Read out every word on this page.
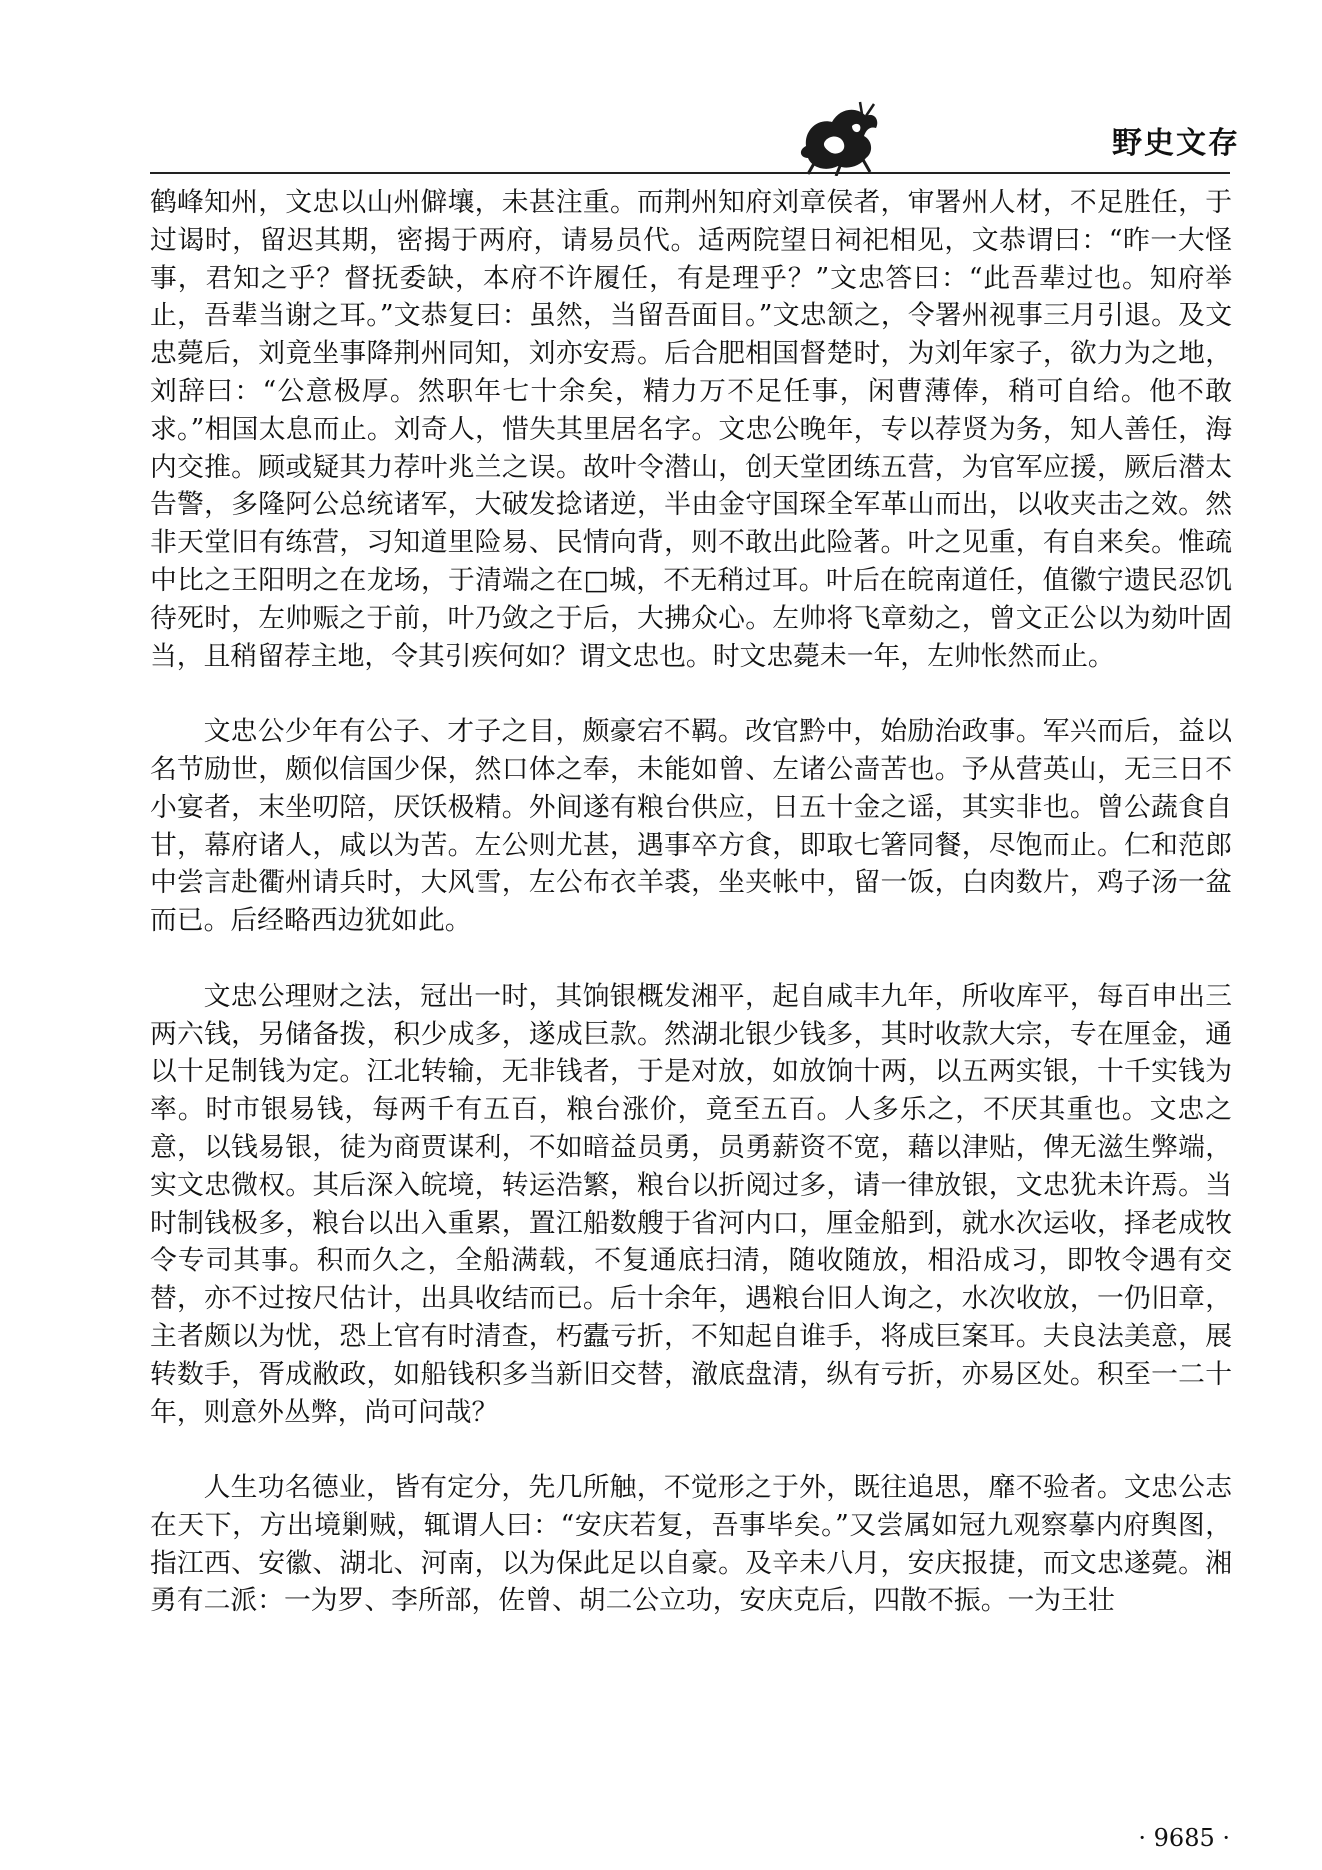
野史文存

鹤峰知州，文忠以山州僻壤，未甚注重。而荆州知府刘章侯者，审署州人材，不足胜任，于过谒时，留迟其期，密揭于两府，请易员代。适两院望日祠祀相见，文恭谓曰：“昨一大怪事，君知之乎？督抚委缺，本府不许履任，有是理乎？”文忠答曰：“此吾辈过也。知府举止，吾辈当谢之耳。”文恭复曰：虽然，当留吾面目。”文忠颔之，令署州视事三月引退。及文忠薨后，刘竟坐事降荆州同知，刘亦安焉。后合肥相国督楚时，为刘年家子，欲力为之地，刘辞曰：“公意极厚。然职年七十余矣，精力万不足任事，闲曹薄俸，稍可自给。他不敢求。”相国太息而止。刘奇人，惜失其里居名字。文忠公晚年，专以荐贤为务，知人善任，海内交推。顾或疑其力荐叶兆兰之误。故叶令潜山，创天堂团练五营，为官军应援，厥后潜太告警，多隆阿公总统诸军，大破发捻诸逆，半由金守国琛全军革山而出，以收夹击之效。然非天堂旧有练营，习知道里险易、民情向背，则不敢出此险著。叶之见重，有自来矣。惟疏中比之王阳明之在龙场，于清端之在□城，不无稍过耳。叶后在皖南道任，值徽宁遗民忍饥待死时，左帅赈之于前，叶乃敛之于后，大拂众心。左帅将飞章劾之，曾文正公以为劾叶固当，且稍留荐主地，令其引疾何如？谓文忠也。时文忠薨未一年，左帅怅然而止。

文忠公少年有公子、才子之目，颇豪宕不羁。改官黔中，始励治政事。军兴而后，益以名节励世，颇似信国少保，然口体之奉，未能如曾、左诸公啬苦也。予从营英山，无三日不小宴者，末坐叨陪，厌饫极精。外间遂有粮台供应，日五十金之谣，其实非也。曾公蔬食自甘，幕府诸人，咸以为苦。左公则尤甚，遇事卒方食，即取七箸同餐，尽饱而止。仁和范郎中尝言赴衢州请兵时，大风雪，左公布衣羊裘，坐夹帐中，留一饭，白肉数片，鸡子汤一盆而已。后经略西边犹如此。

文忠公理财之法，冠出一时，其饷银概发湘平，起自咸丰九年，所收库平，每百申出三两六钱，另储备拨，积少成多，遂成巨款。然湖北银少钱多，其时收款大宗，专在厘金，通以十足制钱为定。江北转输，无非钱者，于是对放，如放饷十两，以五两实银，十千实钱为率。时市银易钱，每两千有五百，粮台涨价，竟至五百。人多乐之，不厌其重也。文忠之意，以钱易银，徒为商贾谋利，不如暗益员勇，员勇薪资不宽，藉以津贴，俾无滋生弊端，实文忠微权。其后深入皖境，转运浩繁，粮台以折阅过多，请一律放银，文忠犹未许焉。当时制钱极多，粮台以出入重累，置江船数艘于省河内口，厘金船到，就水次运收，择老成牧令专司其事。积而久之，全船满载，不复通底扫清，随收随放，相沿成习，即牧令遇有交替，亦不过按尺估计，出具收结而已。后十余年，遇粮台旧人询之，水次收放，一仍旧章，主者颇以为忧，恐上官有时清查，朽蠹亏折，不知起自谁手，将成巨案耳。夫良法美意，展转数手，胥成敝政，如船钱积多当新旧交替，澈底盘清，纵有亏折，亦易区处。积至一二十年，则意外丛弊，尚可问哉？

人生功名德业，皆有定分，先几所触，不觉形之于外，既往追思，靡不验者。文忠公志在天下，方出境剿贼，辄谓人曰：“安庆若复，吾事毕矣。”又尝属如冠九观察摹内府舆图，指江西、安徽、湖北、河南，以为保此足以自豪。及辛未八月，安庆报捷，而文忠遂薨。湘勇有二派：一为罗、李所部，佐曾、胡二公立功，安庆克后，四散不振。一为王壮

· 9685 ·
